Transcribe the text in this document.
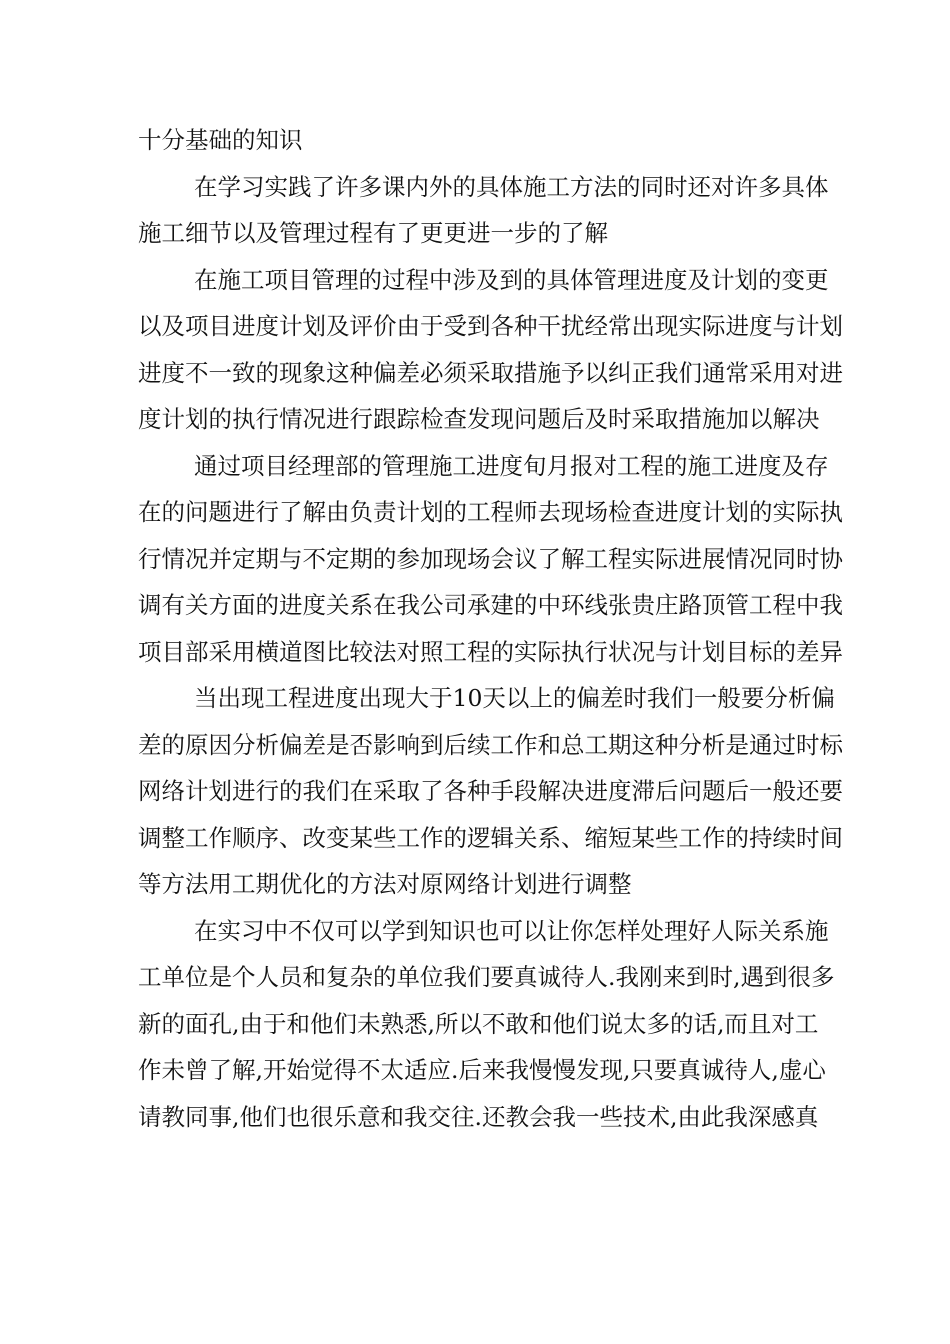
十分基础的知识
在学习实践了许多课内外的具体施工方法的同时还对许多具体
施工细节以及管理过程有了更更进一步的了解
在施工项目管理的过程中涉及到的具体管理进度及计划的变更
以及项目进度计划及评价由于受到各种干扰经常出现实际进度与计划
进度不一致的现象这种偏差必须采取措施予以纠正我们通常采用对进
度计划的执行情况进行跟踪检查发现问题后及时采取措施加以解决
通过项目经理部的管理施工进度旬月报对工程的施工进度及存
在的问题进行了解由负责计划的工程师去现场检查进度计划的实际执
行情况并定期与不定期的参加现场会议了解工程实际进展情况同时协
调有关方面的进度关系在我公司承建的中环线张贵庄路顶管工程中我
项目部采用横道图比较法对照工程的实际执行状况与计划目标的差异
当出现工程进度出现大于10天以上的偏差时我们一般要分析偏
差的原因分析偏差是否影响到后续工作和总工期这种分析是通过时标
网络计划进行的我们在采取了各种手段解决进度滞后问题后一般还要
调整工作顺序、改变某些工作的逻辑关系、缩短某些工作的持续时间
等方法用工期优化的方法对原网络计划进行调整
在实习中不仅可以学到知识也可以让你怎样处理好人际关系施
工单位是个人员和复杂的单位我们要真诚待人.我刚来到时,遇到很多
新的面孔,由于和他们未熟悉,所以不敢和他们说太多的话,而且对工
作未曾了解,开始觉得不太适应.后来我慢慢发现,只要真诚待人,虚心
请教同事,他们也很乐意和我交往.还教会我一些技术,由此我深感真
